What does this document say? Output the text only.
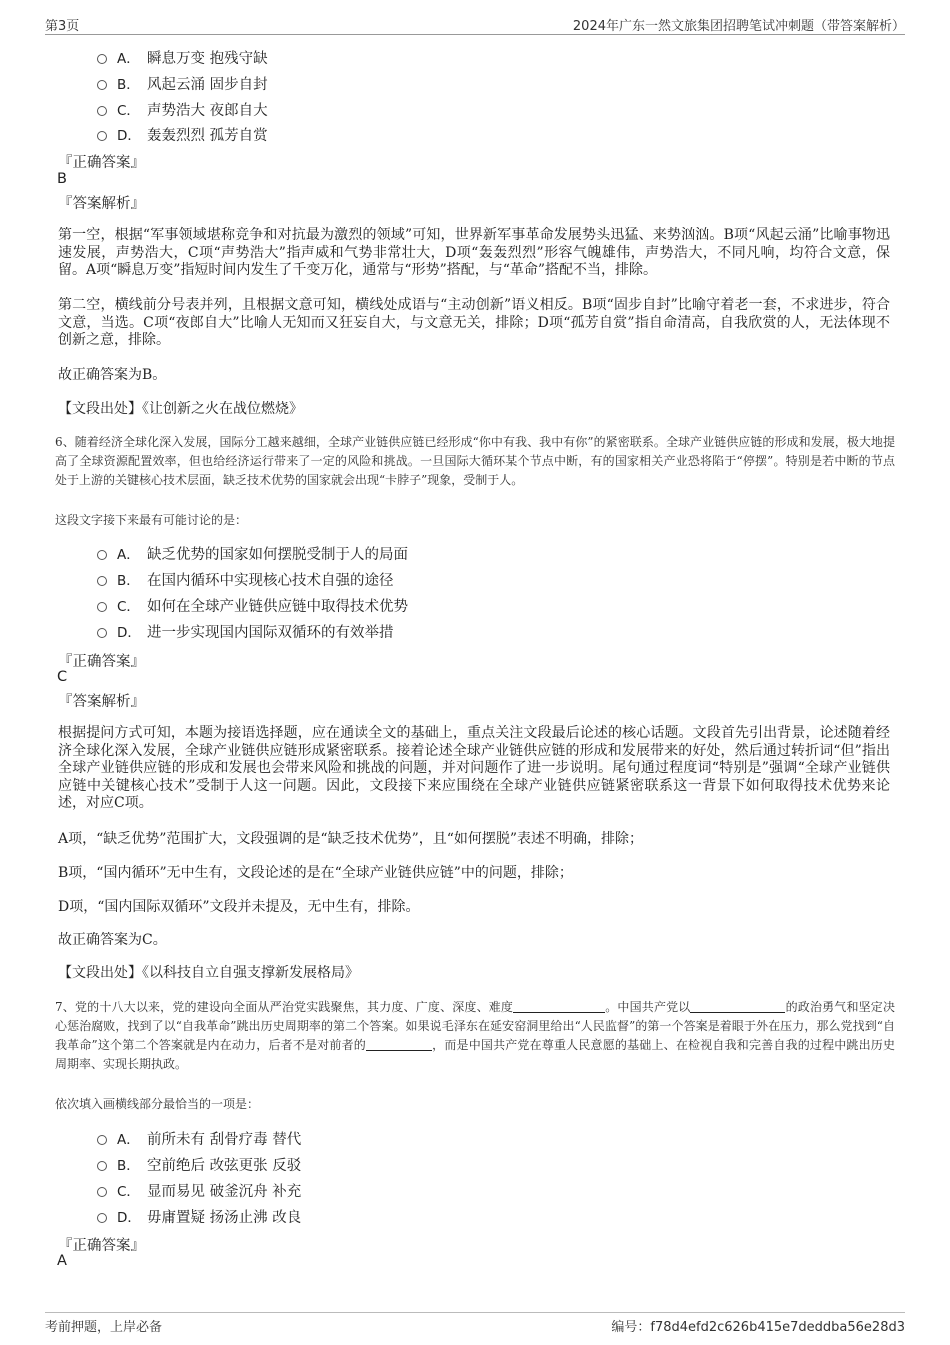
第3页	2024年广东一然文旅集团招聘笔试冲刺题（带答案解析）
A． 瞬息万变 抱残守缺
B． 风起云涌 固步自封
C． 声势浩大 夜郎自大
D． 轰轰烈烈 孤芳自赏
『正确答案』
B
『答案解析』
第一空，根据“军事领域堪称竞争和对抗最为激烈的领域”可知，世界新军事革命发展势头迅猛、来势汹汹。B项“风起云涌”比喻事物迅速发展，声势浩大，C项“声势浩大”指声威和气势非常壮大，D项“轰轰烈烈”形容气魄雄伟，声势浩大，不同凡响，均符合文意，保留。A项“瞬息万变”指短时间内发生了千变万化，通常与“形势”搭配，与“革命”搭配不当，排除。
第二空，横线前分号表并列，且根据文意可知，横线处成语与“主动创新”语义相反。B项“固步自封”比喻守着老一套，不求进步，符合文意，当选。C项“夜郎自大”比喻人无知而又狂妄自大，与文意无关，排除；D项“孤芳自赏”指自命清高，自我欣赏的人，无法体现不创新之意，排除。
故正确答案为B。
【文段出处】《让创新之火在战位燃烧》
6、随着经济全球化深入发展，国际分工越来越细，全球产业链供应链已经形成“你中有我、我中有你”的紧密联系。全球产业链供应链的形成和发展，极大地提高了全球资源配置效率，但也给经济运行带来了一定的风险和挑战。一旦国际大循环某个节点中断，有的国家相关产业恐将陷于“停摆”。特别是若中断的节点处于上游的关键核心技术层面，缺乏技术优势的国家就会出现“卡脖子”现象，受制于人。
这段文字接下来最有可能讨论的是：
A． 缺乏优势的国家如何摆脱受制于人的局面
B． 在国内循环中实现核心技术自强的途径
C． 如何在全球产业链供应链中取得技术优势
D． 进一步实现国内国际双循环的有效举措
『正确答案』
C
『答案解析』
根据提问方式可知，本题为接语选择题，应在通读全文的基础上，重点关注文段最后论述的核心话题。文段首先引出背景，论述随着经济全球化深入发展，全球产业链供应链形成紧密联系。接着论述全球产业链供应链的形成和发展带来的好处，然后通过转折词“但”指出全球产业链供应链的形成和发展也会带来风险和挑战的问题，并对问题作了进一步说明。尾句通过程度词“特别是”强调“全球产业链供应链中关键核心技术”受制于人这一问题。因此，文段接下来应围绕在全球产业链供应链紧密联系这一背景下如何取得技术优势来论述，对应C项。
A项，“缺乏优势”范围扩大，文段强调的是“缺乏技术优势”，且“如何摆脱”表述不明确，排除；
B项，“国内循环”无中生有，文段论述的是在“全球产业链供应链”中的问题，排除；
D项，“国内国际双循环”文段并未提及，无中生有，排除。
故正确答案为C。
【文段出处】《以科技自立自强支撑新发展格局》
7、党的十八大以来，党的建设向全面从严治党实践聚焦，其力度、广度、深度、难度	。中国共产党以	的政治勇气和坚定决心惩治腐败，找到了以“自我革命”跳出历史周期率的第二个答案。如果说毛泽东在延安窑洞里给出“人民监督”的第一个答案是着眼于外在压力，那么党找到“自我革命”这个第二个答案就是内在动力，后者不是对前者的	，而是中国共产党在尊重人民意愿的基础上、在检视自我和完善自我的过程中跳出历史周期率、实现长期执政。
依次填入画横线部分最恰当的一项是：
A． 前所未有 刮骨疗毒 替代
B． 空前绝后 改弦更张 反驳
C． 显而易见 破釜沉舟 补充
D． 毋庸置疑 扬汤止沸 改良
『正确答案』
A
考前押题，上岸必备	编号：f78d4efd2c626b415e7deddba56e28d3
